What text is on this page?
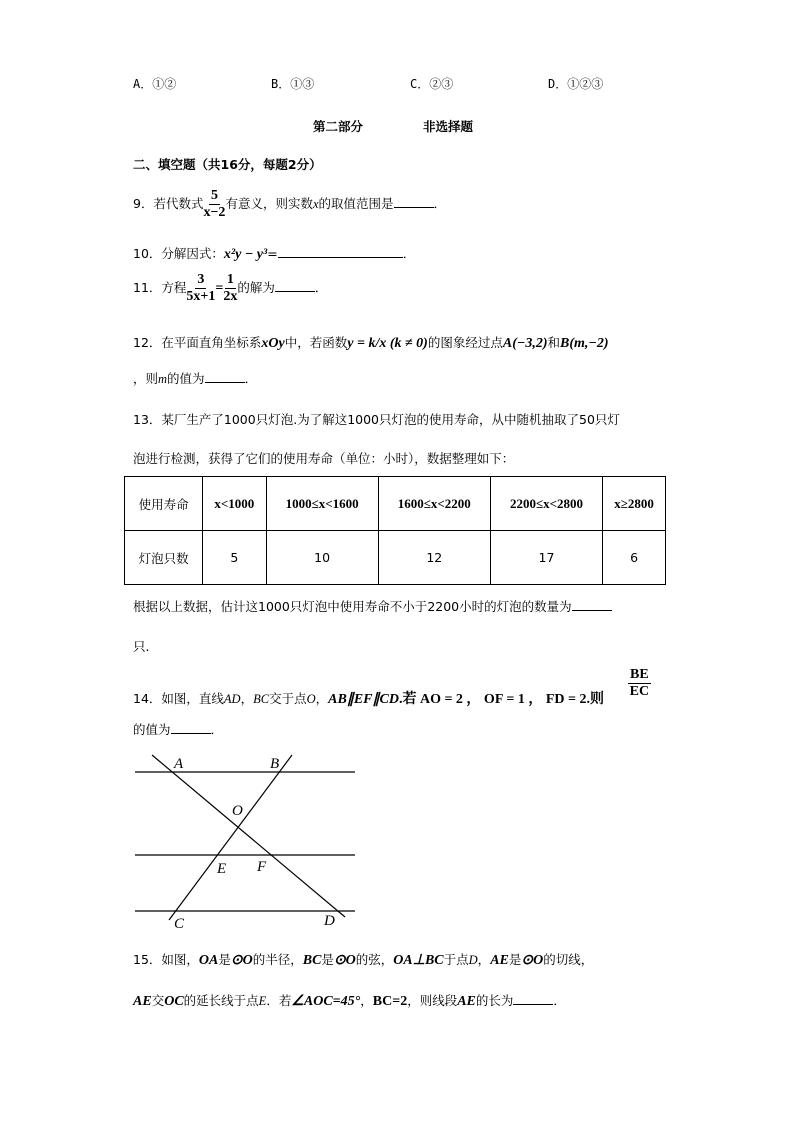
A．①②	B．①③	C．②③	D．①②③
第二部分	非选择题
二、填空题（共16分，每题2分）
9．若代数式 $\frac{5}{x-2}$ 有意义，则实数x的取值范围是	．
10．分解因式：x²y − y³=	．
11．方程 $\frac{3}{5x+1} = \frac{1}{2x}$ 的解为	．
12．在平面直角坐标系xOy中，若函数y = k/x (k ≠ 0)的图象经过点A(−3,2)和B(m,−2)
，则m的值为	．
13．某厂生产了1000只灯泡.为了解这1000只灯泡的使用寿命，从中随机抽取了50只灯
泡进行检测，获得了它们的使用寿命（单位：小时），数据整理如下：
使用寿命	x<1000	1000≤x<1600	1600≤x<2200	2200≤x<2800	x≥2800
灯泡只数	5	10	12	17	6
根据以上数据，估计这1000只灯泡中使用寿命不小于2200小时的灯泡的数量为
只.
14．如图，直线AD，BC交于点O，AB∥EF∥CD.若 AO = 2 ， OF = 1 ， FD = 2.则 $\frac{BE}{EC}$
的值为	．
A	B
O
E F
C	D
15．如图，OA是⊙O的半径，BC是⊙O的弦，OA⊥BC于点D，AE是⊙O的切线，
AE交OC的延长线于点E．若∠AOC=45°，BC=2，则线段AE的长为	．
